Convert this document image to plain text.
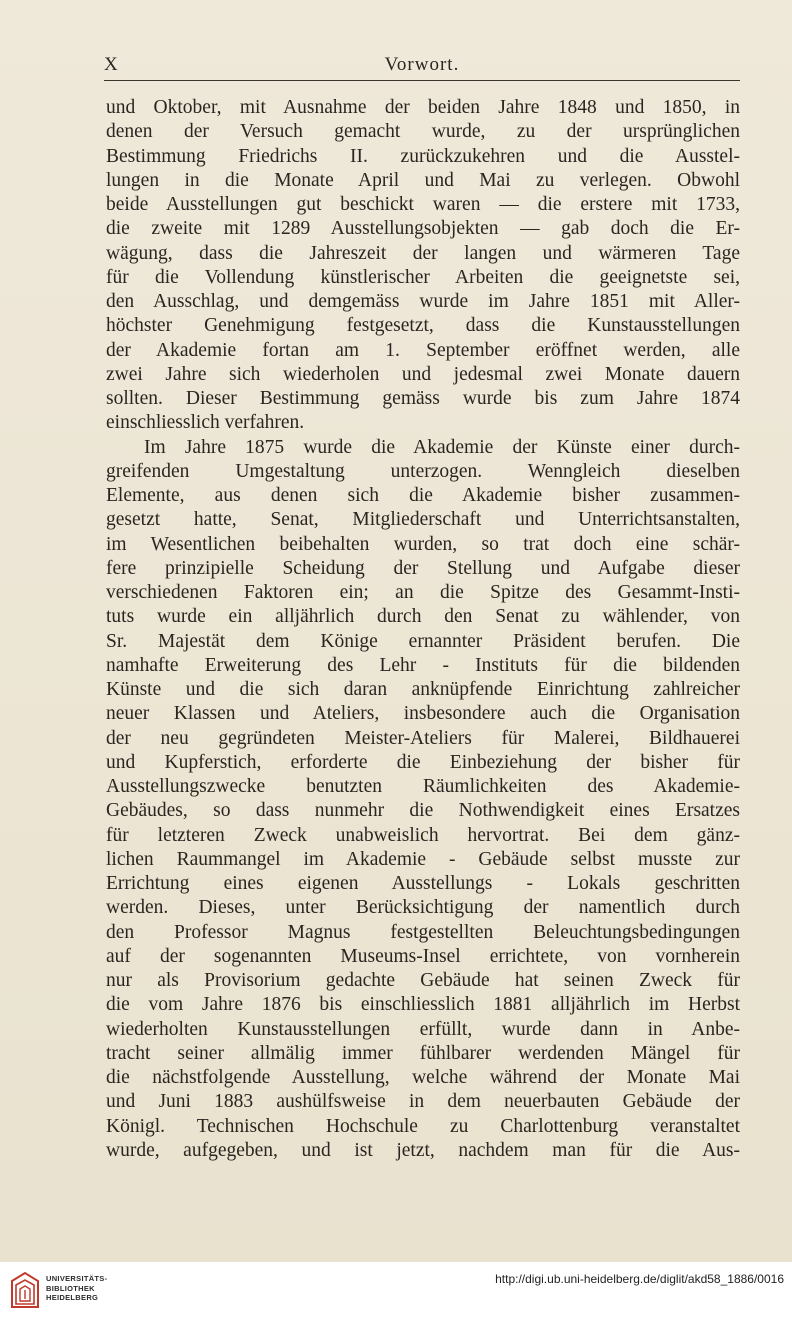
X	Vorwort.
und Oktober, mit Ausnahme der beiden Jahre 1848 und 1850, in
denen der Versuch gemacht wurde, zu der ursprünglichen
Bestimmung Friedrichs II. zurückzukehren und die Ausstel-
lungen in die Monate April und Mai zu verlegen. Obwohl
beide Ausstellungen gut beschickt waren — die erstere mit 1733,
die zweite mit 1289 Ausstellungsobjekten — gab doch die Er-
wägung, dass die Jahreszeit der langen und wärmeren Tage
für die Vollendung künstlerischer Arbeiten die geeignetste sei,
den Ausschlag, und demgemäss wurde im Jahre 1851 mit Aller-
höchster Genehmigung festgesetzt, dass die Kunstausstellungen
der Akademie fortan am 1. September eröffnet werden, alle
zwei Jahre sich wiederholen und jedesmal zwei Monate dauern
sollten. Dieser Bestimmung gemäss wurde bis zum Jahre 1874
einschliesslich verfahren.
Im Jahre 1875 wurde die Akademie der Künste einer durch-
greifenden Umgestaltung unterzogen. Wenngleich dieselben
Elemente, aus denen sich die Akademie bisher zusammen-
gesetzt hatte, Senat, Mitgliederschaft und Unterrichtsanstalten,
im Wesentlichen beibehalten wurden, so trat doch eine schär-
fere prinzipielle Scheidung der Stellung und Aufgabe dieser
verschiedenen Faktoren ein; an die Spitze des Gesammt-Insti-
tuts wurde ein alljährlich durch den Senat zu wählender, von
Sr. Majestät dem Könige ernannter Präsident berufen. Die
namhafte Erweiterung des Lehr - Instituts für die bildenden
Künste und die sich daran anknüpfende Einrichtung zahlreicher
neuer Klassen und Ateliers, insbesondere auch die Organisation
der neu gegründeten Meister-Ateliers für Malerei, Bildhauerei
und Kupferstich, erforderte die Einbeziehung der bisher für
Ausstellungszwecke benutzten Räumlichkeiten des Akademie-
Gebäudes, so dass nunmehr die Nothwendigkeit eines Ersatzes
für letzteren Zweck unabweislich hervortrat. Bei dem gänz-
lichen Raummangel im Akademie - Gebäude selbst musste zur
Errichtung eines eigenen Ausstellungs - Lokals geschritten
werden. Dieses, unter Berücksichtigung der namentlich durch
den Professor Magnus festgestellten Beleuchtungsbedingungen
auf der sogenannten Museums-Insel errichtete, von vornherein
nur als Provisorium gedachte Gebäude hat seinen Zweck für
die vom Jahre 1876 bis einschliesslich 1881 alljährlich im Herbst
wiederholten Kunstausstellungen erfüllt, wurde dann in Anbe-
tracht seiner allmälig immer fühlbarer werdenden Mängel für
die nächstfolgende Ausstellung, welche während der Monate Mai
und Juni 1883 aushülfsweise in dem neuerbauten Gebäude der
Königl. Technischen Hochschule zu Charlottenburg veranstaltet
wurde, aufgegeben, und ist jetzt, nachdem man für die Aus-
UNIVERSITÄTS-
BIBLIOTHEK
HEIDELBERG
http://digi.ub.uni-heidelberg.de/diglit/akd58_1886/0016
